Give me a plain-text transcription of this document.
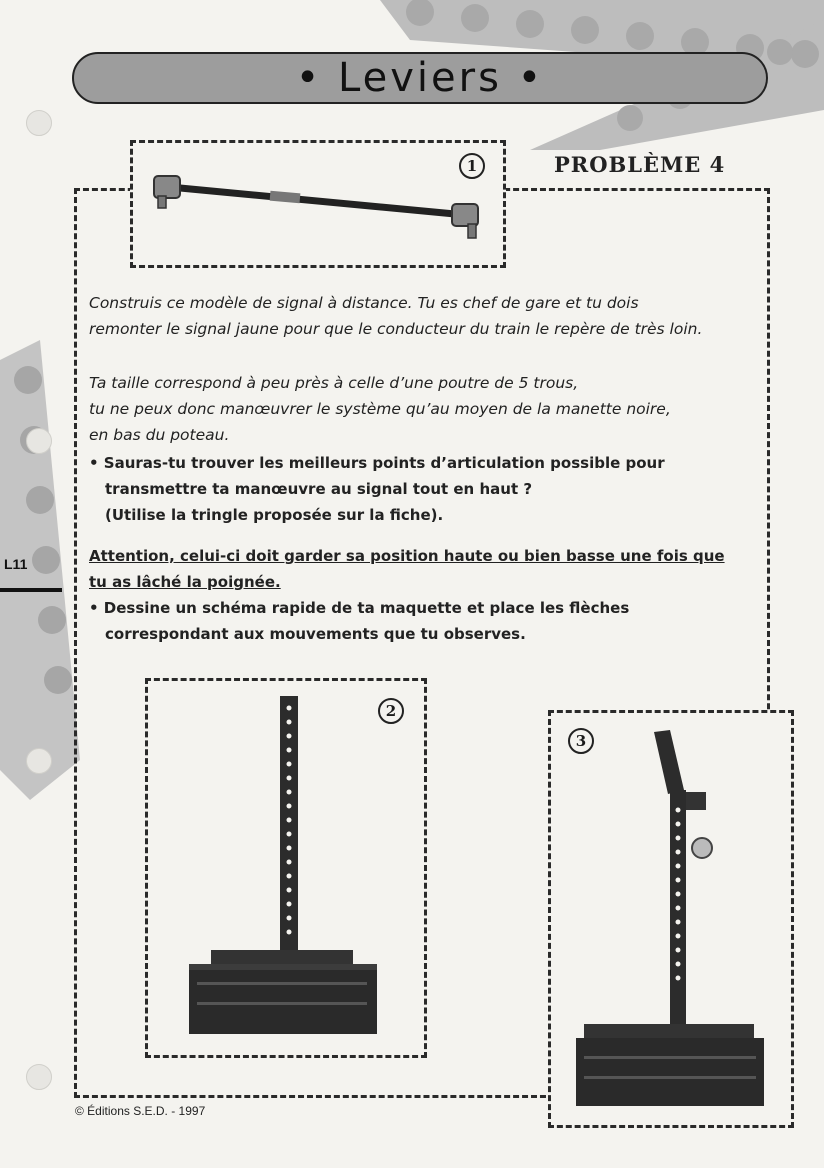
• Leviers •
1	PROBLÈME 4
Construis ce modèle de signal à distance. Tu es chef de gare et tu dois
remonter le signal jaune pour que le conducteur du train le repère de très loin.
Ta taille correspond à peu près à celle d’une poutre de 5 trous,
tu ne peux donc manœuvrer le système qu’au moyen de la manette noire,
en bas du poteau.
• Sauras-tu trouver les meilleurs points d’articulation possible pour
transmettre ta manœuvre au signal tout en haut ?
(Utilise la tringle proposée sur la fiche).
Attention, celui-ci doit garder sa position haute ou bien basse une fois que
tu as lâché la poignée.
• Dessine un schéma rapide de ta maquette et place les flèches
correspondant aux mouvements que tu observes.
L11
2
3
© Éditions S.E.D. - 1997
